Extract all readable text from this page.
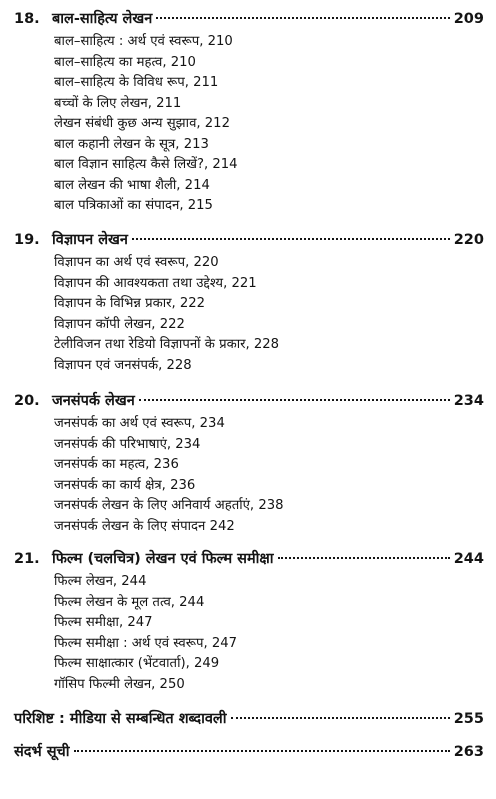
18. बाल-साहित्य लेखन	209
बाल–साहित्य : अर्थ एवं स्वरूप, 210
बाल–साहित्य का महत्व, 210
बाल–साहित्य के विविध रूप, 211
बच्चों के लिए लेखन, 211
लेखन संबंधी कुछ अन्य सुझाव, 212
बाल कहानी लेखन के सूत्र, 213
बाल विज्ञान साहित्य कैसे लिखें?, 214
बाल लेखन की भाषा शैली, 214
बाल पत्रिकाओं का संपादन, 215
19. विज्ञापन लेखन	220
विज्ञापन का अर्थ एवं स्वरूप, 220
विज्ञापन की आवश्यकता तथा उद्देश्य, 221
विज्ञापन के विभिन्न प्रकार, 222
विज्ञापन कॉपी लेखन, 222
टेलीविजन तथा रेडियो विज्ञापनों के प्रकार, 228
विज्ञापन एवं जनसंपर्क, 228
20. जनसंपर्क लेखन	234
जनसंपर्क का अर्थ एवं स्वरूप, 234
जनसंपर्क की परिभाषाएं, 234
जनसंपर्क का महत्व, 236
जनसंपर्क का कार्य क्षेत्र, 236
जनसंपर्क लेखन के लिए अनिवार्य अहर्ताएं, 238
जनसंपर्क लेखन के लिए संपादन 242
21. फिल्म (चलचित्र) लेखन एवं फिल्म समीक्षा	244
फिल्म लेखन, 244
फिल्म लेखन के मूल तत्व, 244
फिल्म समीक्षा, 247
फिल्म समीक्षा : अर्थ एवं स्वरूप, 247
फिल्म साक्षात्कार (भेंटवार्ता), 249
गॉसिप फिल्मी लेखन, 250
परिशिष्ट : मीडिया से सम्बन्धित शब्दावली	255
संदर्भ सूची	263
